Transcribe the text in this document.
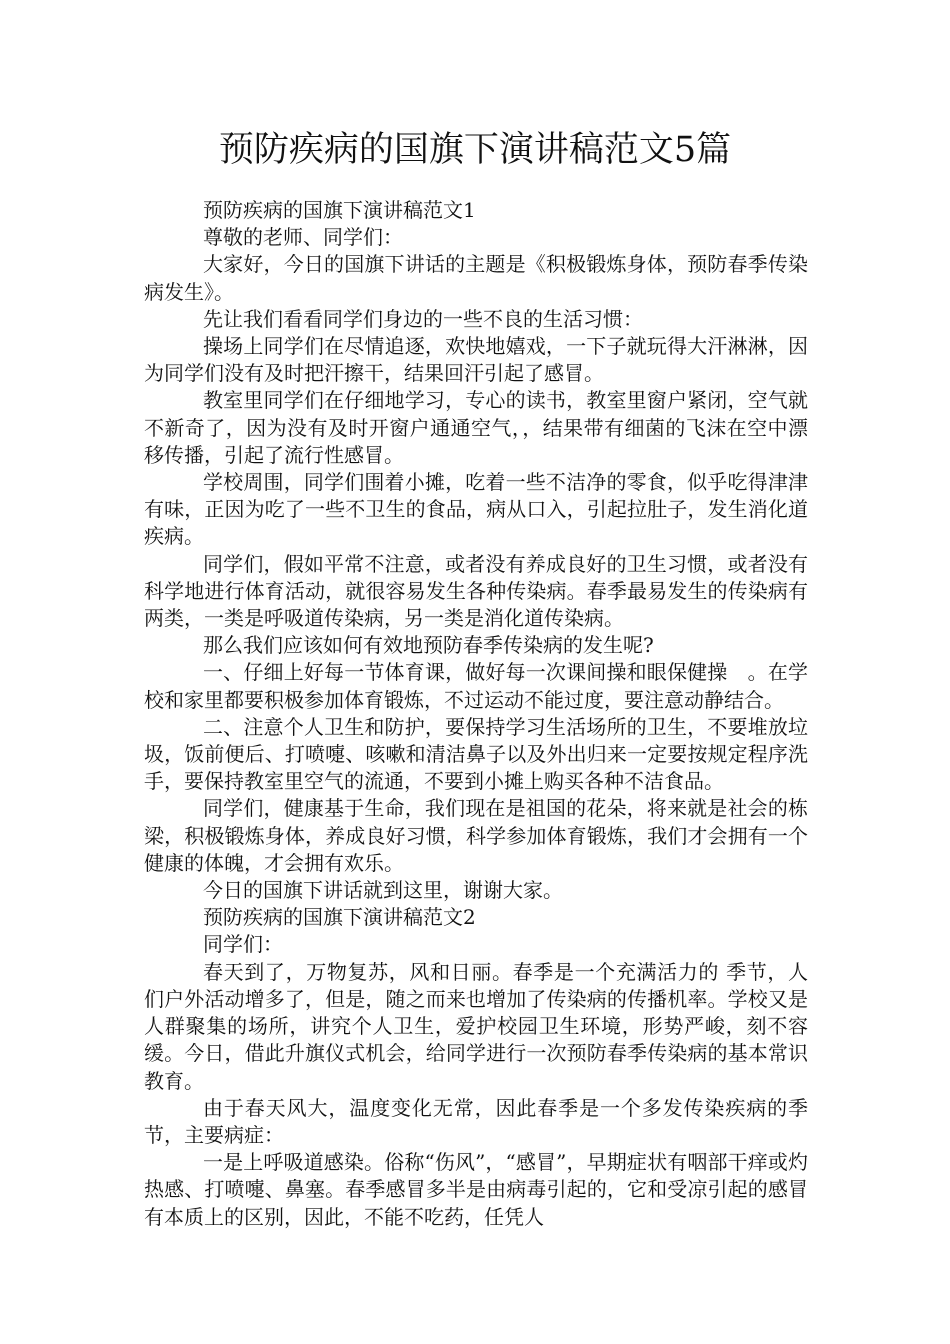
预防疾病的国旗下演讲稿范文5篇

预防疾病的国旗下演讲稿范文1

尊敬的老师、同学们：

大家好，今日的国旗下讲话的主题是《积极锻炼身体，预防春季传染病发生》。

先让我们看看同学们身边的一些不良的生活习惯：

操场上同学们在尽情追逐，欢快地嬉戏，一下子就玩得大汗淋淋，因为同学们没有及时把汗擦干，结果回汗引起了感冒。

教室里同学们在仔细地学习，专心的读书，教室里窗户紧闭，空气就不新奇了，因为没有及时开窗户通通空气，，结果带有细菌的飞沫在空中漂移传播，引起了流行性感冒。

学校周围，同学们围着小摊，吃着一些不洁净的零食，似乎吃得津津有味，正因为吃了一些不卫生的食品，病从口入，引起拉肚子，发生消化道疾病。

同学们，假如平常不注意，或者没有养成良好的卫生习惯，或者没有科学地进行体育活动，就很容易发生各种传染病。春季最易发生的传染病有两类，一类是呼吸道传染病，另一类是消化道传染病。

那么我们应该如何有效地预防春季传染病的发生呢?

一、仔细上好每一节体育课，做好每一次课间操和眼保健操　。在学校和家里都要积极参加体育锻炼，不过运动不能过度，要注意动静结合。

二、注意个人卫生和防护，要保持学习生活场所的卫生，不要堆放垃圾，饭前便后、打喷嚏、咳嗽和清洁鼻子以及外出归来一定要按规定程序洗手，要保持教室里空气的流通，不要到小摊上购买各种不洁食品。

同学们，健康基于生命，我们现在是祖国的花朵，将来就是社会的栋梁，积极锻炼身体，养成良好习惯，科学参加体育锻炼，我们才会拥有一个健康的体魄，才会拥有欢乐。

今日的国旗下讲话就到这里，谢谢大家。

预防疾病的国旗下演讲稿范文2

同学们：

春天到了，万物复苏，风和日丽。春季是一个充满活力的 季节，人们户外活动增多了，但是，随之而来也增加了传染病的传播机率。学校又是人群聚集的场所，讲究个人卫生，爱护校园卫生环境，形势严峻，刻不容缓。今日，借此升旗仪式机会，给同学进行一次预防春季传染病的基本常识教育。

由于春天风大，温度变化无常，因此春季是一个多发传染疾病的季节，主要病症：

一是上呼吸道感染。俗称“伤风”，“感冒”，早期症状有咽部干痒或灼热感、打喷嚏、鼻塞。春季感冒多半是由病毒引起的，它和受凉引起的感冒有本质上的区别，因此，不能不吃药，任凭人
